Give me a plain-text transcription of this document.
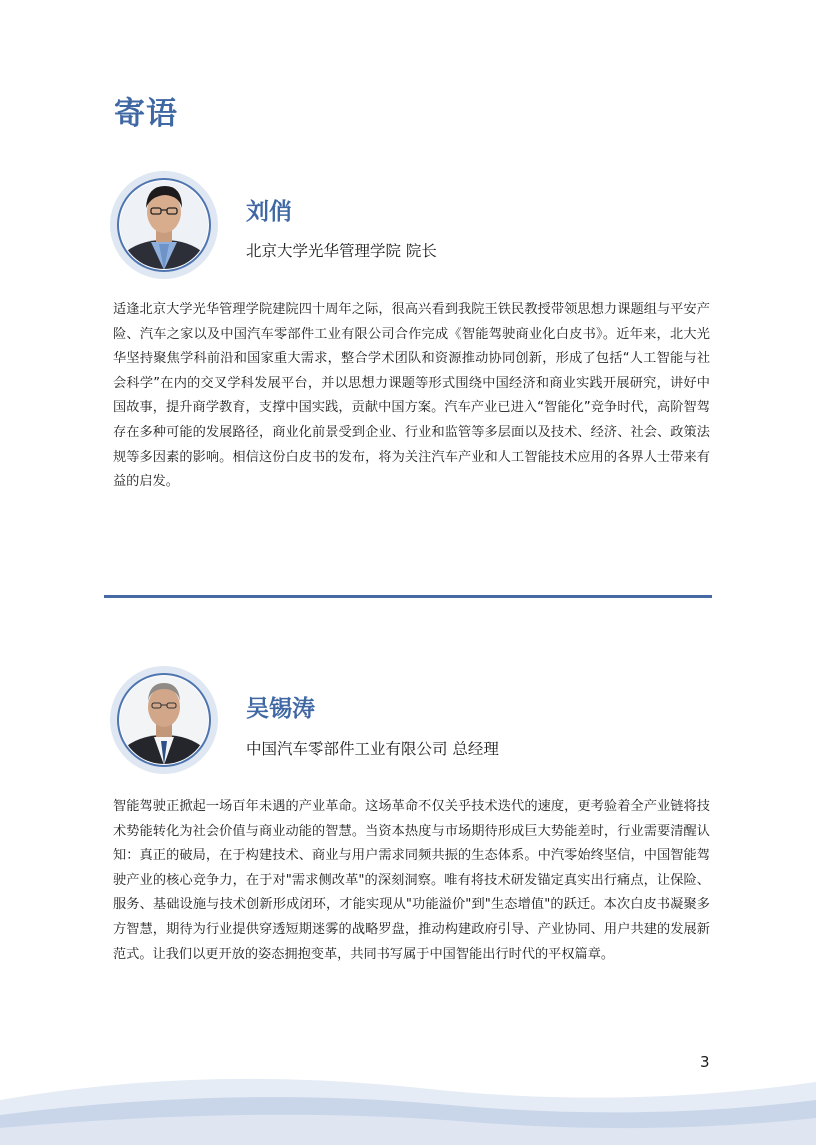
寄语
刘俏
北京大学光华管理学院 院长

适逢北京大学光华管理学院建院四十周年之际，很高兴看到我院王铁民教授带领思想力课题组与平安产险、汽车之家以及中国汽车零部件工业有限公司合作完成《智能驾驶商业化白皮书》。近年来，北大光华坚持聚焦学科前沿和国家重大需求，整合学术团队和资源推动协同创新，形成了包括“人工智能与社会科学”在内的交叉学科发展平台，并以思想力课题等形式围绕中国经济和商业实践开展研究，讲好中国故事，提升商学教育，支撑中国实践，贡献中国方案。汽车产业已进入“智能化”竞争时代，高阶智驾存在多种可能的发展路径，商业化前景受到企业、行业和监管等多层面以及技术、经济、社会、政策法规等多因素的影响。相信这份白皮书的发布，将为关注汽车产业和人工智能技术应用的各界人士带来有益的启发。

吴锡涛
中国汽车零部件工业有限公司 总经理

智能驾驶正掀起一场百年未遇的产业革命。这场革命不仅关乎技术迭代的速度，更考验着全产业链将技术势能转化为社会价值与商业动能的智慧。当资本热度与市场期待形成巨大势能差时，行业需要清醒认知：真正的破局，在于构建技术、商业与用户需求同频共振的生态体系。中汽零始终坚信，中国智能驾驶产业的核心竞争力，在于对"需求侧改革"的深刻洞察。唯有将技术研发锚定真实出行痛点，让保险、服务、基础设施与技术创新形成闭环，才能实现从"功能溢价"到"生态增值"的跃迁。本次白皮书凝聚多方智慧，期待为行业提供穿透短期迷雾的战略罗盘，推动构建政府引导、产业协同、用户共建的发展新范式。让我们以更开放的姿态拥抱变革，共同书写属于中国智能出行时代的平权篇章。

3
